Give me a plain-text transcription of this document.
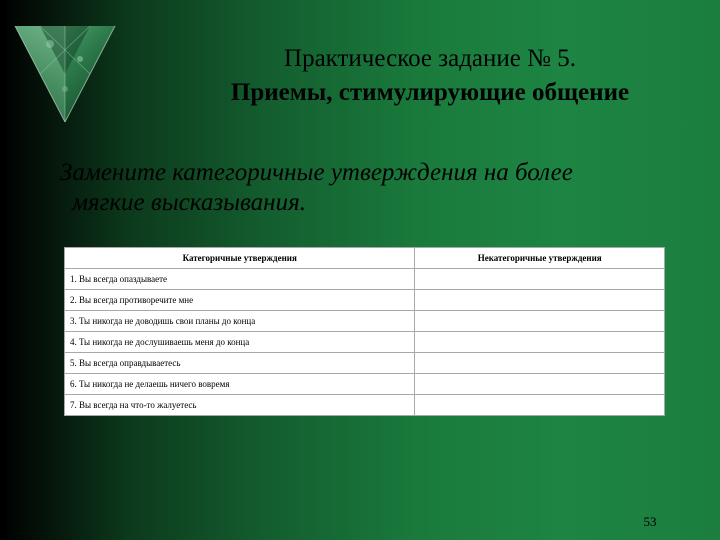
Практическое задание № 5.

Приемы, стимулирующие общение

Замените категоричные утверждения на более
мягкие высказывания.
Категоричные утверждения	Некатегоричные утверждения
1. Вы всегда опаздываете	
2. Вы всегда противоречите мне	
3. Ты никогда не доводишь свои планы до конца	
4. Ты никогда не дослушиваешь меня до конца	
5. Вы всегда оправдываетесь	
6. Ты никогда не делаешь ничего вовремя	
7. Вы всегда на что-то жалуетесь	
53
